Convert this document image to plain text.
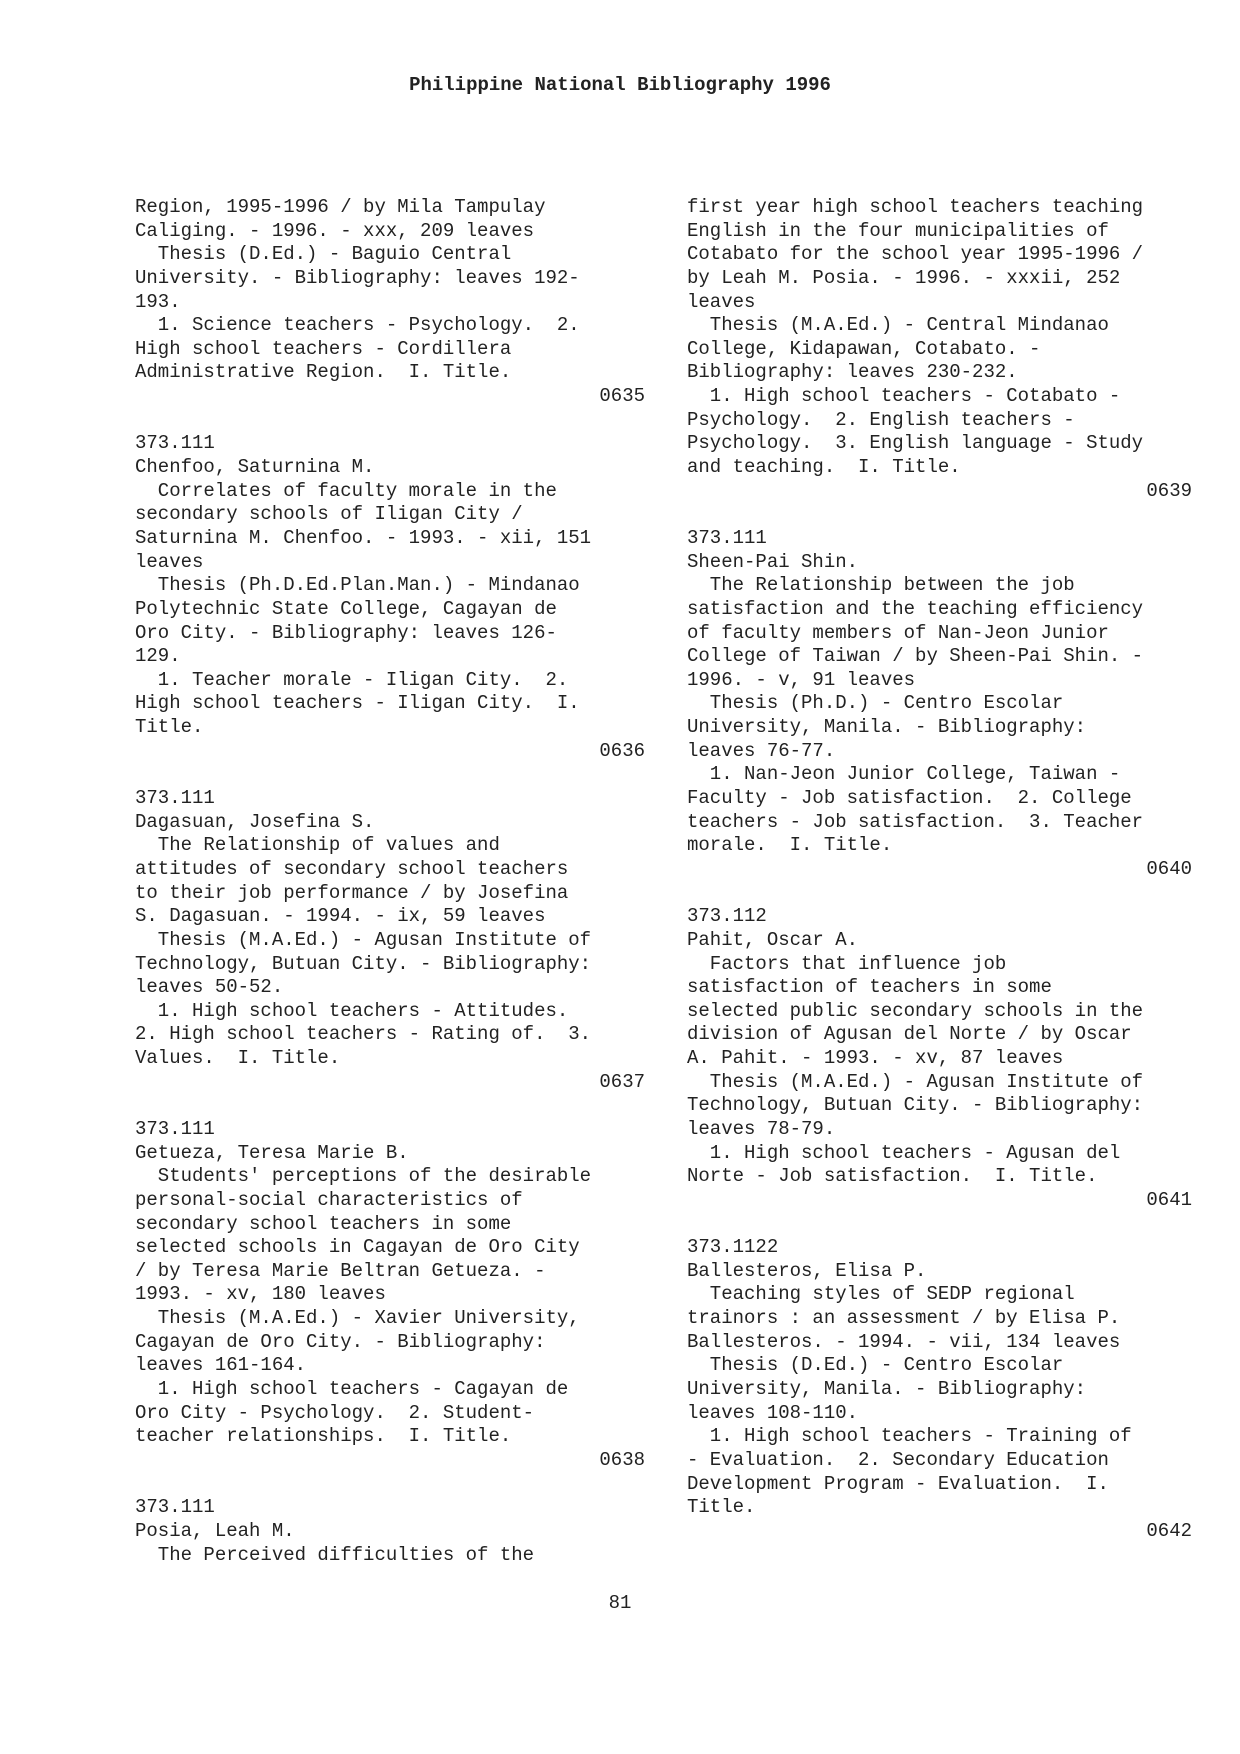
Philippine National Bibliography 1996
Region, 1995-1996 / by Mila Tampulay
Caliging. - 1996. - xxx, 209 leaves
Thesis (D.Ed.) - Baguio Central
University. - Bibliography: leaves 192-
193.
1. Science teachers - Psychology.  2.
High school teachers - Cordillera
Administrative Region.  I. Title.
0635
373.111
Chenfoo, Saturnina M.
Correlates of faculty morale in the
secondary schools of Iligan City /
Saturnina M. Chenfoo. - 1993. - xii, 151
leaves
Thesis (Ph.D.Ed.Plan.Man.) - Mindanao
Polytechnic State College, Cagayan de
Oro City. - Bibliography: leaves 126-
129.
1. Teacher morale - Iligan City.  2.
High school teachers - Iligan City.  I.
Title.
0636
373.111
Dagasuan, Josefina S.
The Relationship of values and
attitudes of secondary school teachers
to their job performance / by Josefina
S. Dagasuan. - 1994. - ix, 59 leaves
Thesis (M.A.Ed.) - Agusan Institute of
Technology, Butuan City. - Bibliography:
leaves 50-52.
1. High school teachers - Attitudes.
2. High school teachers - Rating of.  3.
Values.  I. Title.
0637
373.111
Getueza, Teresa Marie B.
Students' perceptions of the desirable
personal-social characteristics of
secondary school teachers in some
selected schools in Cagayan de Oro City
/ by Teresa Marie Beltran Getueza. -
1993. - xv, 180 leaves
Thesis (M.A.Ed.) - Xavier University,
Cagayan de Oro City. - Bibliography:
leaves 161-164.
1. High school teachers - Cagayan de
Oro City - Psychology.  2. Student-
teacher relationships.  I. Title.
0638
373.111
Posia, Leah M.
The Perceived difficulties of the
first year high school teachers teaching
English in the four municipalities of
Cotabato for the school year 1995-1996 /
by Leah M. Posia. - 1996. - xxxii, 252
leaves
Thesis (M.A.Ed.) - Central Mindanao
College, Kidapawan, Cotabato. -
Bibliography: leaves 230-232.
1. High school teachers - Cotabato -
Psychology.  2. English teachers -
Psychology.  3. English language - Study
and teaching.  I. Title.
0639
373.111
Sheen-Pai Shin.
The Relationship between the job
satisfaction and the teaching efficiency
of faculty members of Nan-Jeon Junior
College of Taiwan / by Sheen-Pai Shin. -
1996. - v, 91 leaves
Thesis (Ph.D.) - Centro Escolar
University, Manila. - Bibliography:
leaves 76-77.
1. Nan-Jeon Junior College, Taiwan -
Faculty - Job satisfaction.  2. College
teachers - Job satisfaction.  3. Teacher
morale.  I. Title.
0640
373.112
Pahit, Oscar A.
Factors that influence job
satisfaction of teachers in some
selected public secondary schools in the
division of Agusan del Norte / by Oscar
A. Pahit. - 1993. - xv, 87 leaves
Thesis (M.A.Ed.) - Agusan Institute of
Technology, Butuan City. - Bibliography:
leaves 78-79.
1. High school teachers - Agusan del
Norte - Job satisfaction.  I. Title.
0641
373.1122
Ballesteros, Elisa P.
Teaching styles of SEDP regional
trainors : an assessment / by Elisa P.
Ballesteros. - 1994. - vii, 134 leaves
Thesis (D.Ed.) - Centro Escolar
University, Manila. - Bibliography:
leaves 108-110.
1. High school teachers - Training of
- Evaluation.  2. Secondary Education
Development Program - Evaluation.  I.
Title.
0642
81
